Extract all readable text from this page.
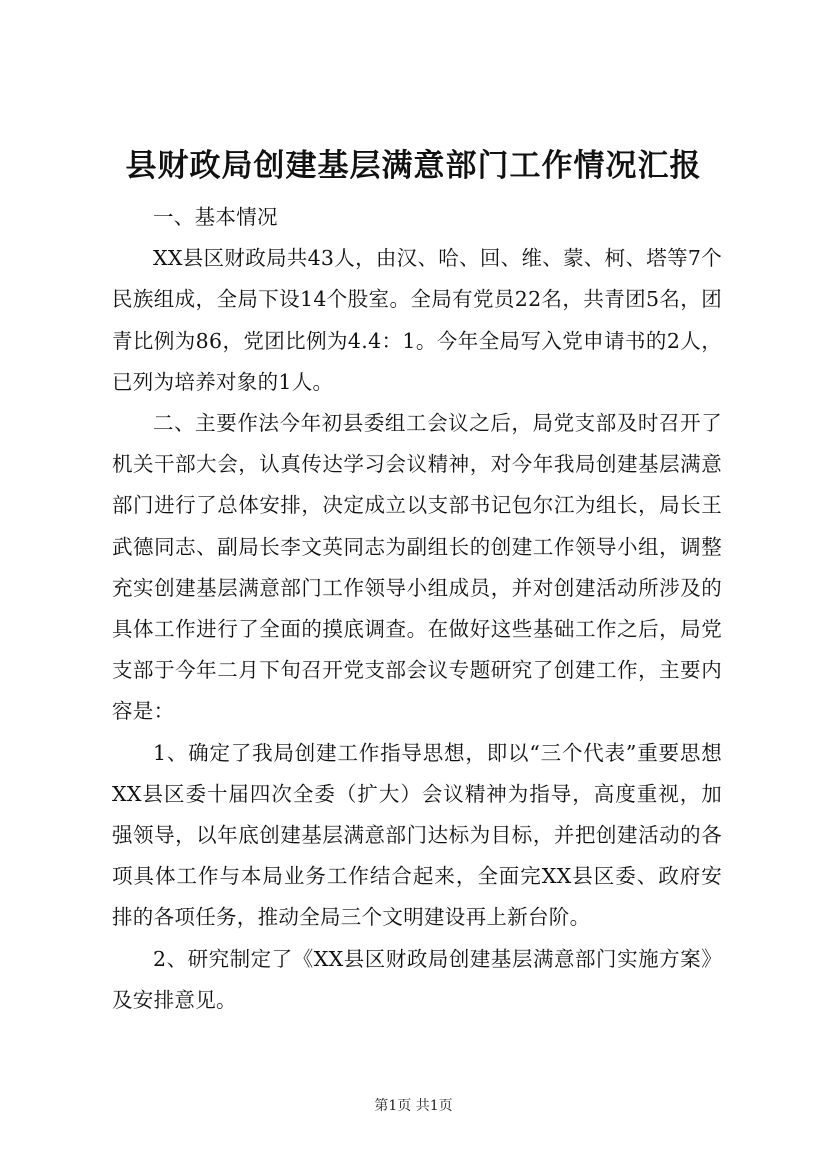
县财政局创建基层满意部门工作情况汇报

一、基本情况

XX县区财政局共43人，由汉、哈、回、维、蒙、柯、塔等7个民族组成，全局下设14个股室。全局有党员22名，共青团5名，团青比例为86，党团比例为4.4：1。今年全局写入党申请书的2人，已列为培养对象的1人。

二、主要作法今年初县委组工会议之后，局党支部及时召开了机关干部大会，认真传达学习会议精神，对今年我局创建基层满意部门进行了总体安排，决定成立以支部书记包尔江为组长，局长王武德同志、副局长李文英同志为副组长的创建工作领导小组，调整充实创建基层满意部门工作领导小组成员，并对创建活动所涉及的具体工作进行了全面的摸底调查。在做好这些基础工作之后，局党支部于今年二月下旬召开党支部会议专题研究了创建工作，主要内容是：

1、确定了我局创建工作指导思想，即以“三个代表”重要思想XX县区委十届四次全委（扩大）会议精神为指导，高度重视，加强领导，以年底创建基层满意部门达标为目标，并把创建活动的各项具体工作与本局业务工作结合起来，全面完XX县区委、政府安排的各项任务，推动全局三个文明建设再上新台阶。

2、研究制定了《XX县区财政局创建基层满意部门实施方案》及安排意见。

第1页 共1页
